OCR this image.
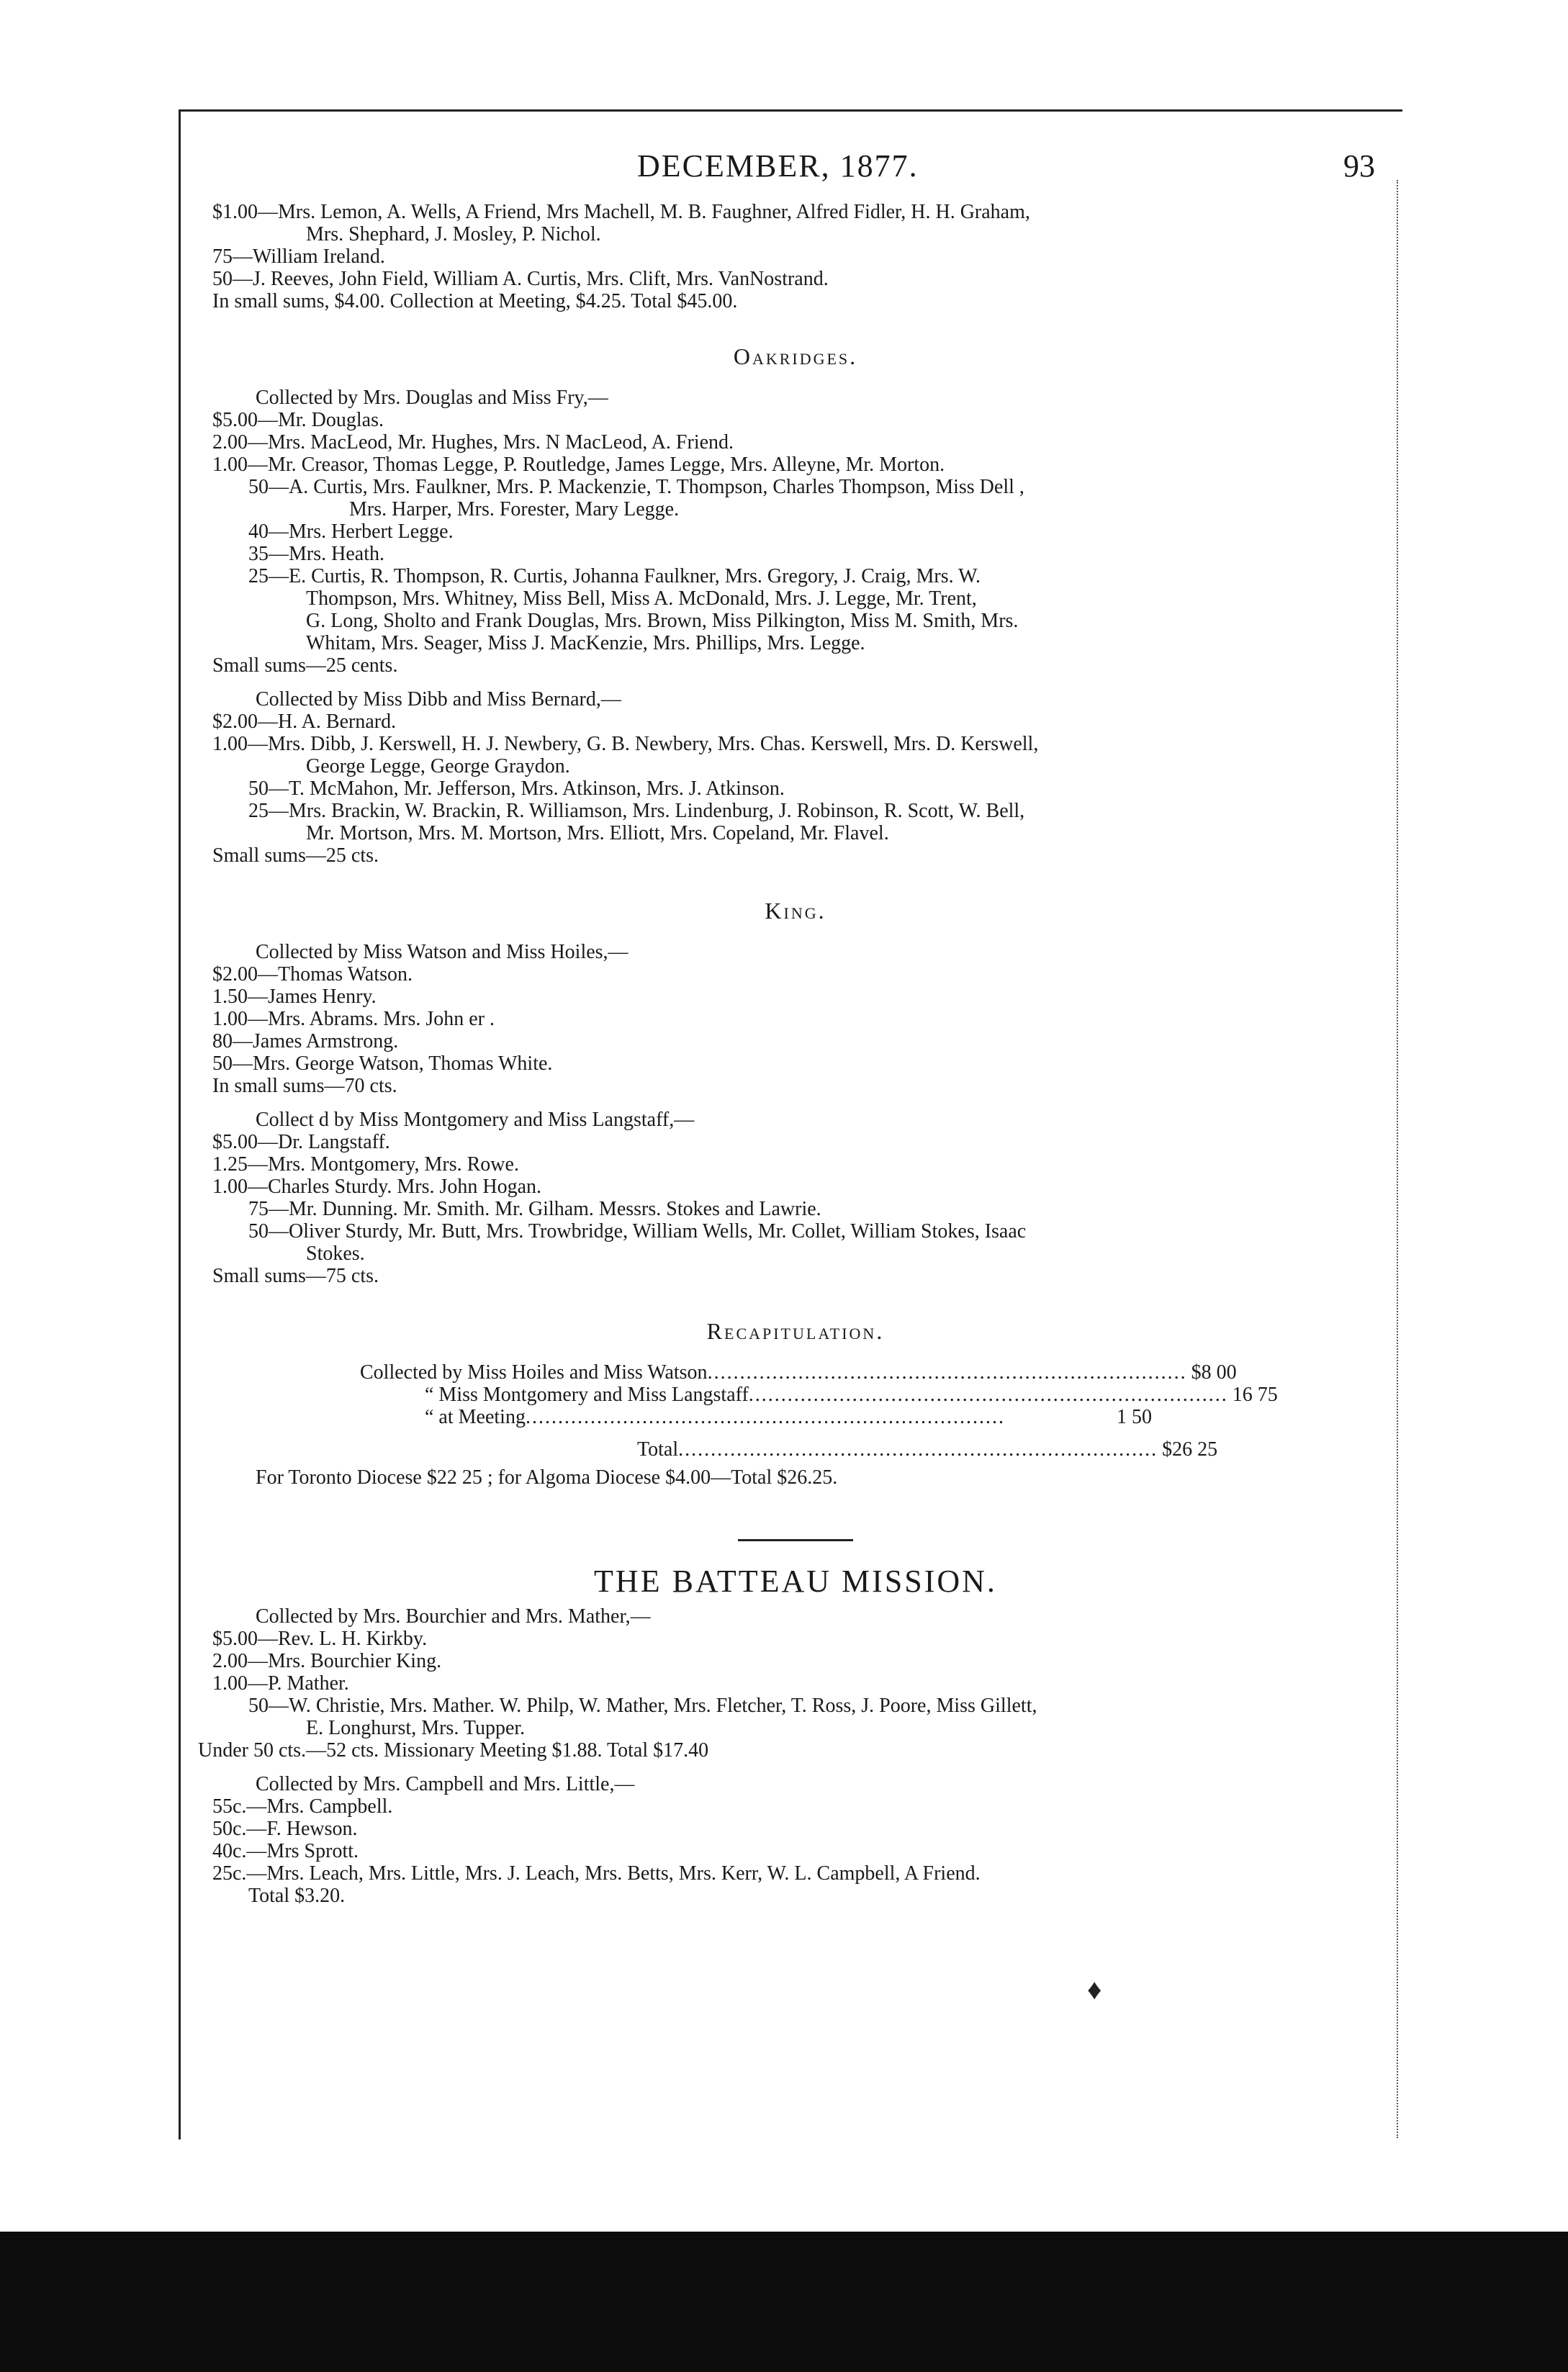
DECEMBER, 1877.	93
$1.00—Mrs. Lemon, A. Wells, A Friend, Mrs Machell, M. B. Faughner, Alfred Fidler, H. H. Graham,
Mrs. Shephard, J. Mosley, P. Nichol.
75—William Ireland.
50—J. Reeves, John Field, William A. Curtis, Mrs. Clift, Mrs. VanNostrand.
In small sums, $4.00. Collection at Meeting, $4.25. Total $45.00.
Oakridges.
Collected by Mrs. Douglas and Miss Fry,—
$5.00—Mr. Douglas.
2.00—Mrs. MacLeod, Mr. Hughes, Mrs. N MacLeod, A. Friend.
1.00—Mr. Creasor, Thomas Legge, P. Routledge, James Legge, Mrs. Alleyne, Mr. Morton.
50—A. Curtis, Mrs. Faulkner, Mrs. P. Mackenzie, T. Thompson, Charles Thompson, Miss Dell ,
Mrs. Harper, Mrs. Forester, Mary Legge.
40—Mrs. Herbert Legge.
35—Mrs. Heath.
25—E. Curtis, R. Thompson, R. Curtis, Johanna Faulkner, Mrs. Gregory, J. Craig, Mrs. W.
Thompson, Mrs. Whitney, Miss Bell, Miss A. McDonald, Mrs. J. Legge, Mr. Trent,
G. Long, Sholto and Frank Douglas, Mrs. Brown, Miss Pilkington, Miss M. Smith, Mrs.
Whitam, Mrs. Seager, Miss J. MacKenzie, Mrs. Phillips, Mrs. Legge.
Small sums—25 cents.
Collected by Miss Dibb and Miss Bernard,—
$2.00—H. A. Bernard.
1.00—Mrs. Dibb, J. Kerswell, H. J. Newbery, G. B. Newbery, Mrs. Chas. Kerswell, Mrs. D. Kerswell,
George Legge, George Graydon.
50—T. McMahon, Mr. Jefferson, Mrs. Atkinson, Mrs. J. Atkinson.
25—Mrs. Brackin, W. Brackin, R. Williamson, Mrs. Lindenburg, J. Robinson, R. Scott, W. Bell,
Mr. Mortson, Mrs. M. Mortson, Mrs. Elliott, Mrs. Copeland, Mr. Flavel.
Small sums—25 cts.
King.
Collected by Miss Watson and Miss Hoiles,—
$2.00—Thomas Watson.
1.50—James Henry.
1.00—Mrs. Abrams. Mrs. John er .
80—James Armstrong.
50—Mrs. George Watson, Thomas White.
In small sums—70 cts.
Collect d by Miss Montgomery and Miss Langstaff,—
$5.00—Dr. Langstaff.
1.25—Mrs. Montgomery, Mrs. Rowe.
1.00—Charles Sturdy. Mrs. John Hogan.
75—Mr. Dunning. Mr. Smith. Mr. Gilham. Messrs. Stokes and Lawrie.
50—Oliver Sturdy, Mr. Butt, Mrs. Trowbridge, William Wells, Mr. Collet, William Stokes, Isaac
Stokes.
Small sums—75 cts.
Recapitulation.
Collected by Miss Hoiles and Miss Watson .......................................................................... $8 00
“ Miss Montgomery and Miss Langstaff .......................................................................... 16 75
“ at Meeting ..........................................................................	1 50
Total .......................................................................... $26 25
For Toronto Diocese $22 25 ; for Algoma Diocese $4.00—Total $26.25.
THE BATTEAU MISSION.
Collected by Mrs. Bourchier and Mrs. Mather,—
$5.00—Rev. L. H. Kirkby.
2.00—Mrs. Bourchier King.
1.00—P. Mather.
50—W. Christie, Mrs. Mather. W. Philp, W. Mather, Mrs. Fletcher, T. Ross, J. Poore, Miss Gillett,
E. Longhurst, Mrs. Tupper.
Under 50 cts.—52 cts. Missionary Meeting $1.88. Total $17.40
Collected by Mrs. Campbell and Mrs. Little,—
55c.—Mrs. Campbell.
50c.—F. Hewson.
40c.—Mrs Sprott.
25c.—Mrs. Leach, Mrs. Little, Mrs. J. Leach, Mrs. Betts, Mrs. Kerr, W. L. Campbell, A Friend.
Total $3.20.
♦
